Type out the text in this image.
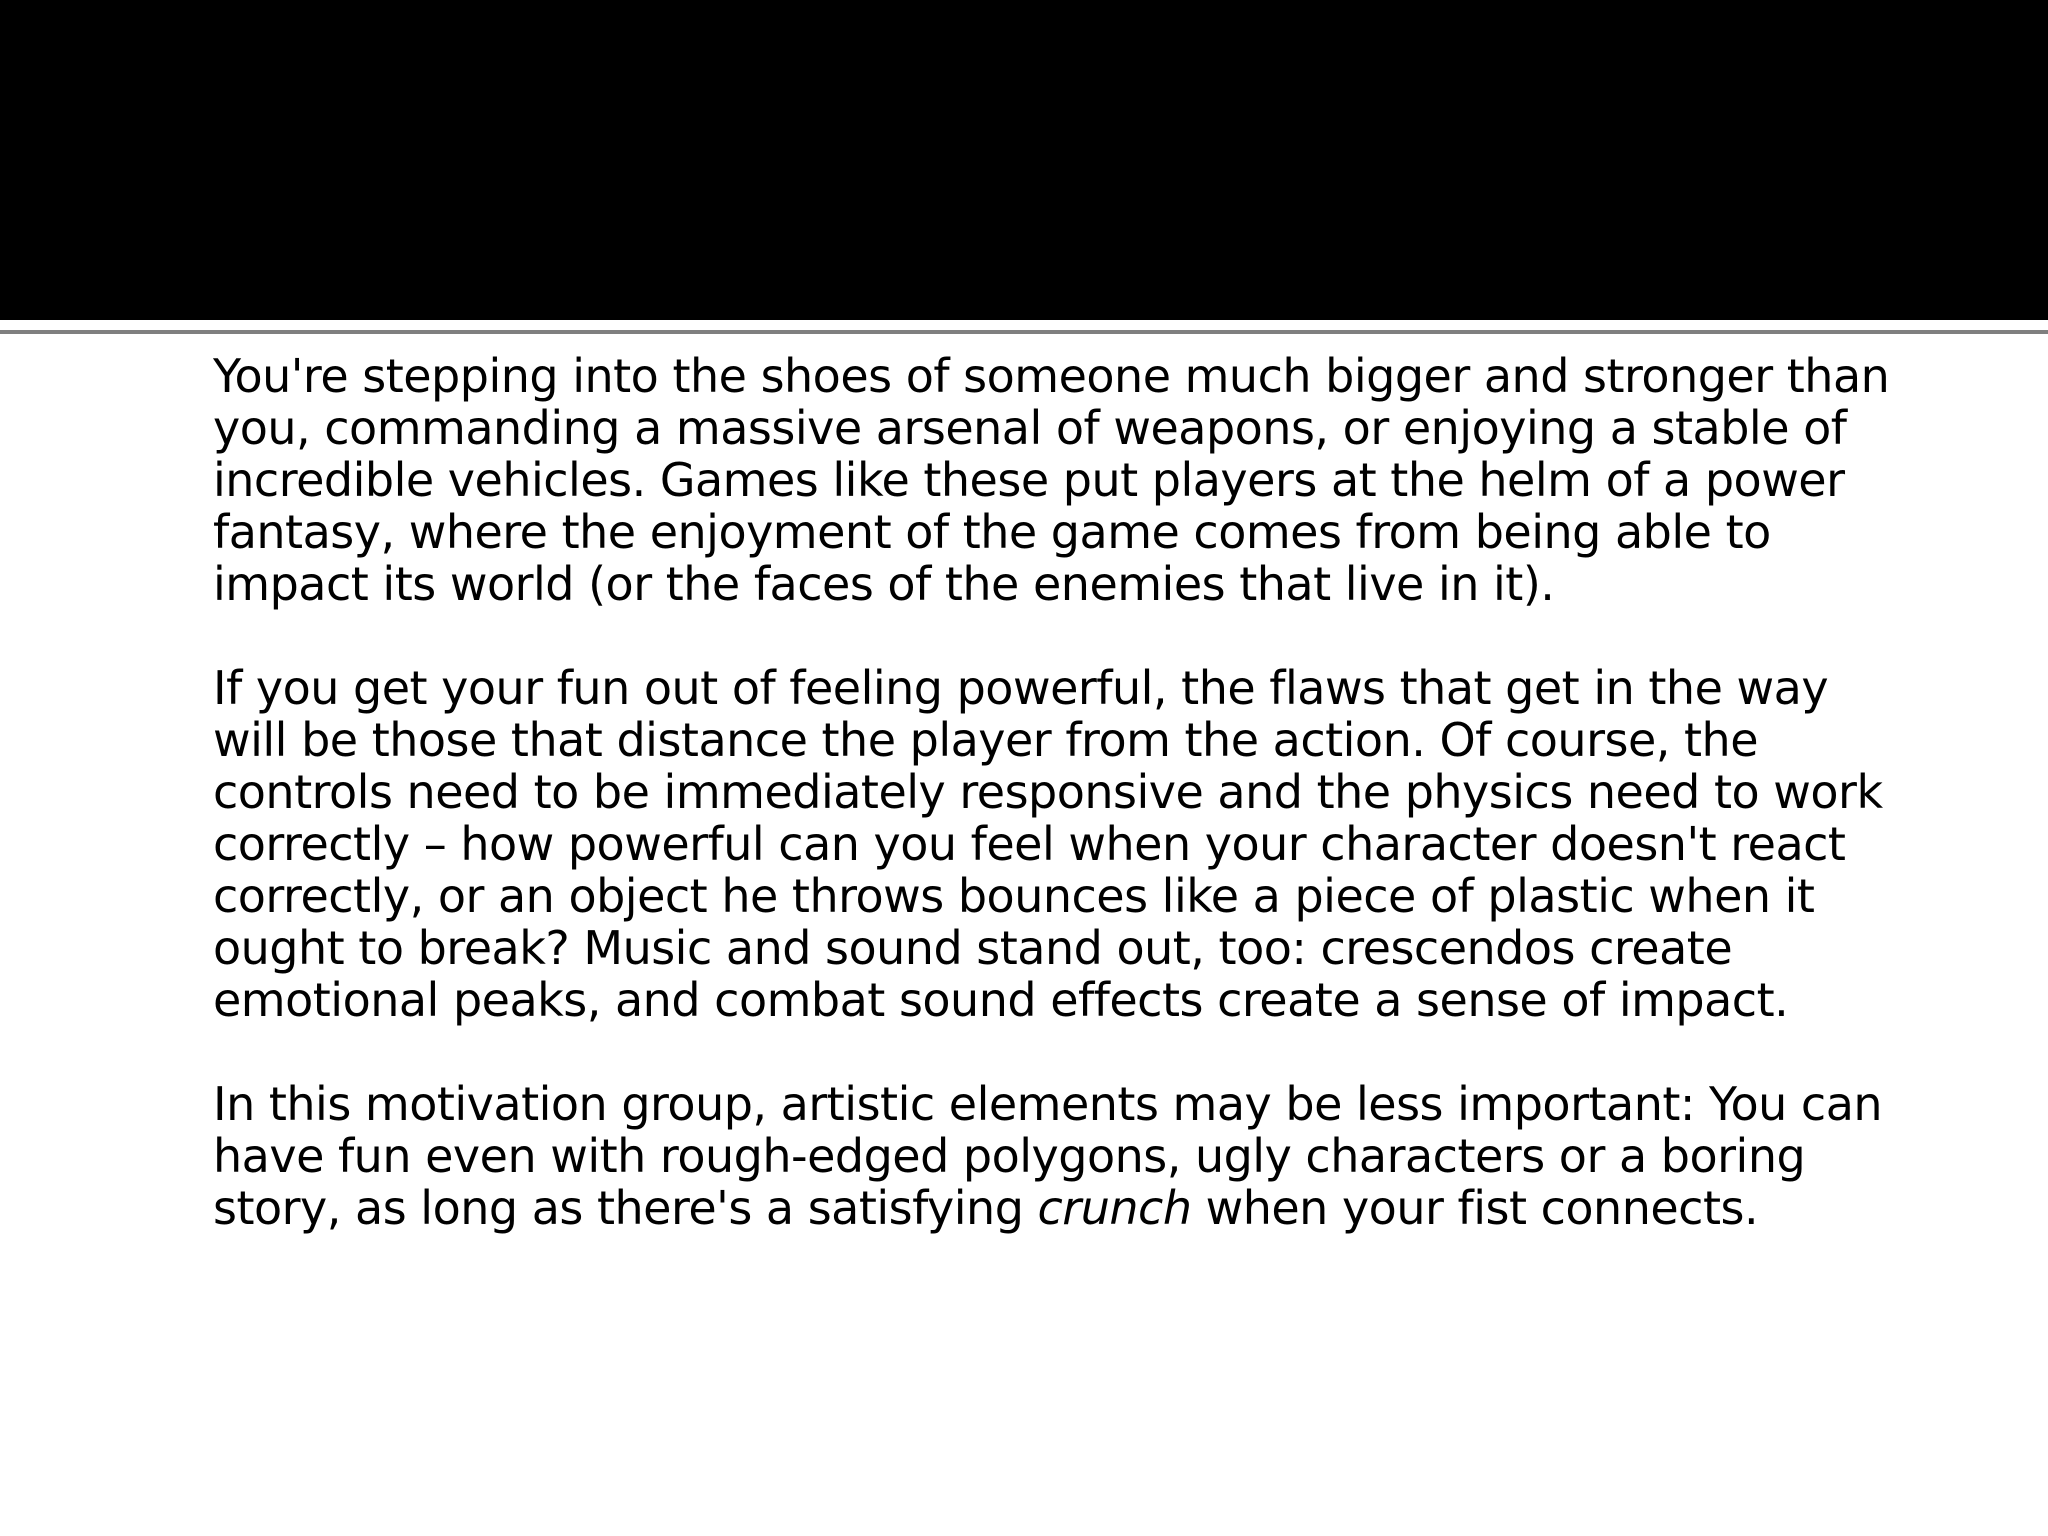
You're stepping into the shoes of someone much bigger and stronger than you, commanding a massive arsenal of weapons, or enjoying a stable of incredible vehicles. Games like these put players at the helm of a power fantasy, where the enjoyment of the game comes from being able to impact its world (or the faces of the enemies that live in it).

If you get your fun out of feeling powerful, the flaws that get in the way will be those that distance the player from the action. Of course, the controls need to be immediately responsive and the physics need to work correctly – how powerful can you feel when your character doesn't react correctly, or an object he throws bounces like a piece of plastic when it ought to break? Music and sound stand out, too: crescendos create emotional peaks, and combat sound effects create a sense of impact.

In this motivation group, artistic elements may be less important: You can have fun even with rough-edged polygons, ugly characters or a boring story, as long as there's a satisfying crunch when your fist connects.
